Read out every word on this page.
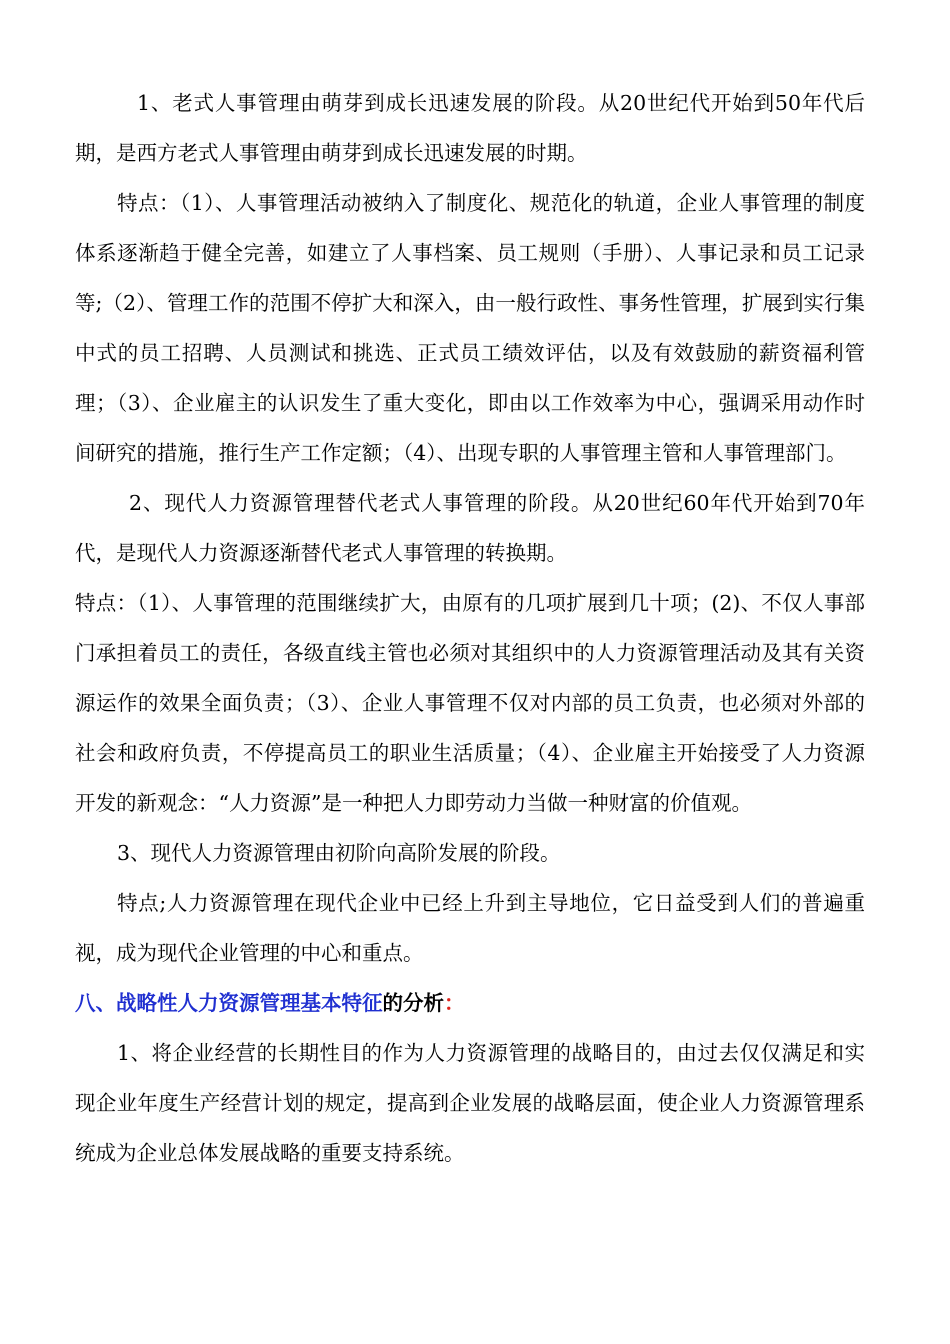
1、老式人事管理由萌芽到成长迅速发展的阶段。从20世纪代开始到50年代后期，是西方老式人事管理由萌芽到成长迅速发展的时期。

特点：（1）、人事管理活动被纳入了制度化、规范化的轨道，企业人事管理的制度体系逐渐趋于健全完善，如建立了人事档案、员工规则（手册）、人事记录和员工记录等;（2）、管理工作的范围不停扩大和深入，由一般行政性、事务性管理，扩展到实行集中式的员工招聘、人员测试和挑选、正式员工绩效评估，以及有效鼓励的薪资福利管理；（3）、企业雇主的认识发生了重大变化，即由以工作效率为中心，强调采用动作时间研究的措施，推行生产工作定额；（4）、出现专职的人事管理主管和人事管理部门。

2、现代人力资源管理替代老式人事管理的阶段。从20世纪60年代开始到70年代，是现代人力资源逐渐替代老式人事管理的转换期。

特点：（1）、人事管理的范围继续扩大，由原有的几项扩展到几十项；(2)、不仅人事部门承担着员工的责任，各级直线主管也必须对其组织中的人力资源管理活动及其有关资源运作的效果全面负责；（3）、企业人事管理不仅对内部的员工负责，也必须对外部的社会和政府负责，不停提高员工的职业生活质量；（4）、企业雇主开始接受了人力资源开发的新观念：“人力资源”是一种把人力即劳动力当做一种财富的价值观。

3、现代人力资源管理由初阶向高阶发展的阶段。

特点;人力资源管理在现代企业中已经上升到主导地位，它日益受到人们的普遍重视，成为现代企业管理的中心和重点。

八、战略性人力资源管理基本特征的分析：

1、将企业经营的长期性目的作为人力资源管理的战略目的，由过去仅仅满足和实现企业年度生产经营计划的规定，提高到企业发展的战略层面，使企业人力资源管理系统成为企业总体发展战略的重要支持系统。
